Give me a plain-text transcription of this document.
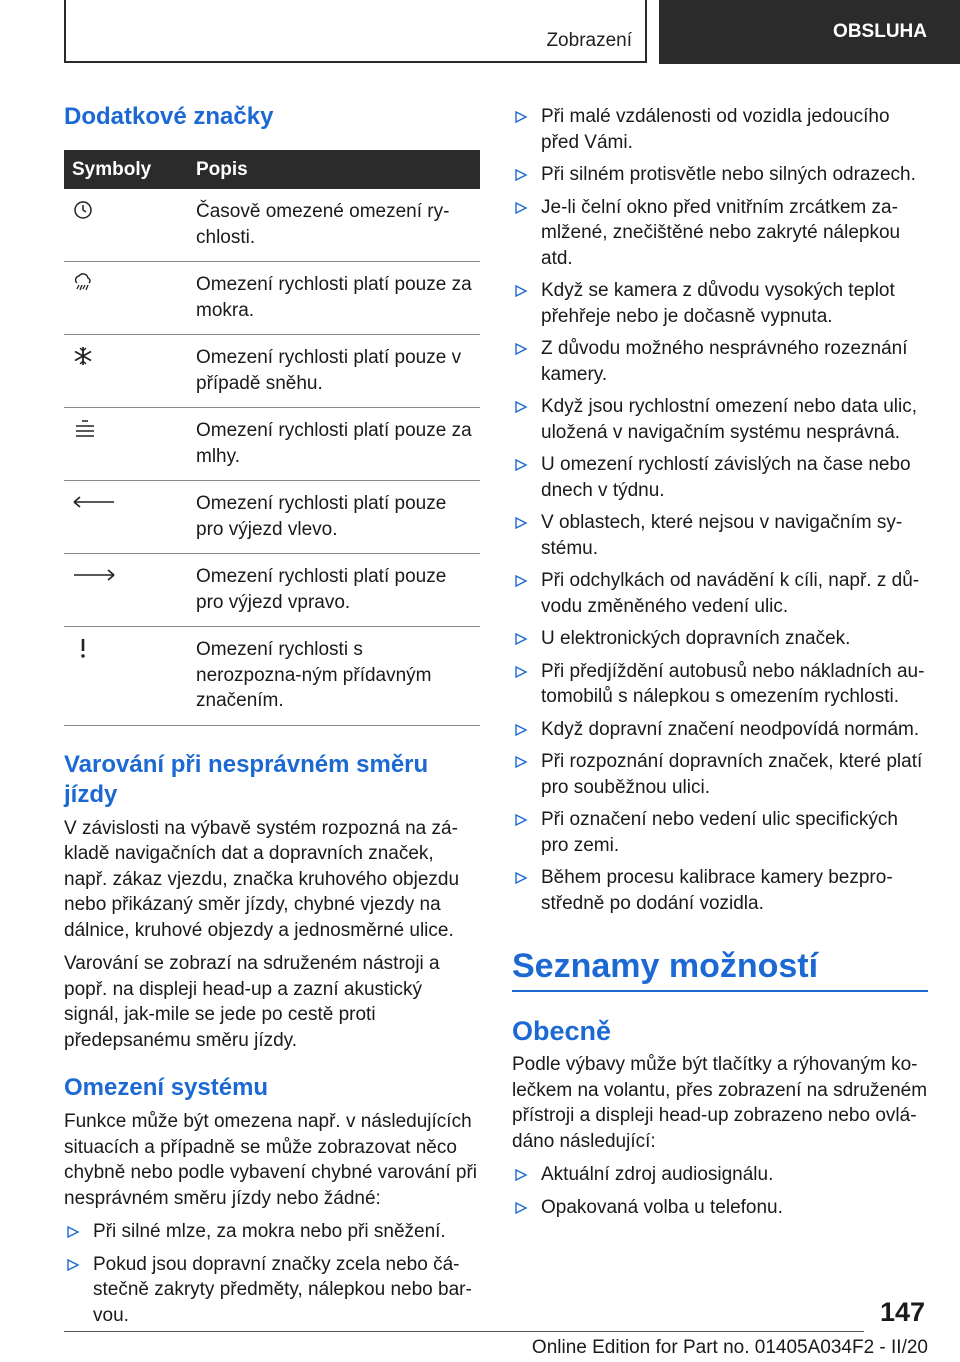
Zobrazení	OBSLUHA
Dodatkové značky
Symboly	Popis

	Časově omezené omezení ry-chlosti.

	Omezení rychlosti platí pouze za mokra.

	Omezení rychlosti platí pouze v případě sněhu.

	Omezení rychlosti platí pouze za mlhy.

	Omezení rychlosti platí pouze pro výjezd vlevo.

	Omezení rychlosti platí pouze pro výjezd vpravo.

	Omezení rychlosti s nerozpozna-ným přídavným značením.
Varování při nesprávném směru jízdy

V závislosti na výbavě systém rozpozná na zá-kladě navigačních dat a dopravních značek, např. zákaz vjezdu, značka kruhového objezdu nebo přikázaný směr jízdy, chybné vjezdy na dálnice, kruhové objezdy a jednosměrné ulice.

Varování se zobrazí na sdruženém nástroji a popř. na displeji head-up a zazní akustický signál, jak-mile se jede po cestě proti předepsanému směru jízdy.

Omezení systému

Funkce může být omezena např. v následujících situacích a případně se může zobrazovat něco chybně nebo podle vybavení chybné varování při nesprávném směru jízdy nebo žádné:

Při silné mlze, za mokra nebo při sněžení.
Pokud jsou dopravní značky zcela nebo čá-stečně zakryty předměty, nálepkou nebo bar-vou.
Při malé vzdálenosti od vozidla jedoucího před Vámi.
Při silném protisvětle nebo silných odrazech.
Je-li čelní okno před vnitřním zrcátkem za-mlžené, znečištěné nebo zakryté nálepkou atd.
Když se kamera z důvodu vysokých teplot přehřeje nebo je dočasně vypnuta.
Z důvodu možného nesprávného rozeznání kamery.
Když jsou rychlostní omezení nebo data ulic, uložená v navigačním systému nesprávná.
U omezení rychlostí závislých na čase nebo dnech v týdnu.
V oblastech, které nejsou v navigačním sy-stému.
Při odchylkách od navádění k cíli, např. z dů-vodu změněného vedení ulic.
U elektronických dopravních značek.
Při předjíždění autobusů nebo nákladních au-tomobilů s nálepkou s omezením rychlosti.
Když dopravní značení neodpovídá normám.
Při rozpoznání dopravních značek, které platí pro souběžnou ulici.
Při označení nebo vedení ulic specifických pro zemi.
Během procesu kalibrace kamery bezpro-středně po dodání vozidla.
Seznamy možností
Obecně

Podle výbavy může být tlačítky a rýhovaným ko-lečkem na volantu, přes zobrazení na sdruženém přístroji a displeji head-up zobrazeno nebo ovlá-dáno následující:

Aktuální zdroj audiosignálu.
Opakovaná volba u telefonu.
147
Online Edition for Part no. 01405A034F2 - II/20
